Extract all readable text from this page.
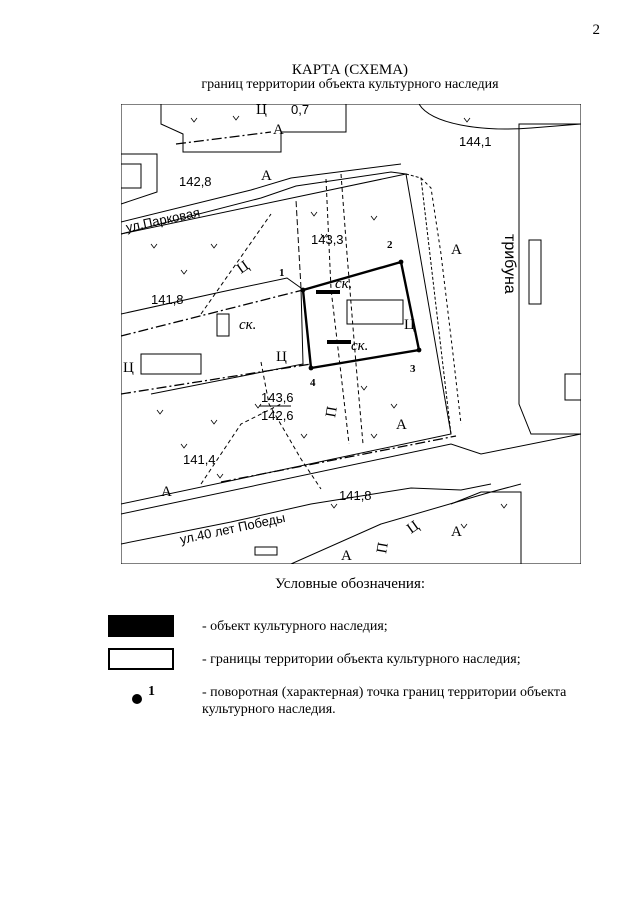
2
КАРТА (СХЕМА)
границ территории объекта культурного наследия
0,7
144,1
142,8
143,3
141,8
143,6
142,6
141,4
141,8
ул.Парковая
ул.40 лет Победы
трибуна
А
А
А
А
А
А
А
Ц
Ц
Ц
Ц
Ц
Ц
П
П
ск.
ск.
ск.
1
2
3
4
Условные обозначения:
- объект культурного наследия;
- границы территории объекта культурного наследия;
1	- поворотная (характерная) точка границ территории объекта культурного наследия.
